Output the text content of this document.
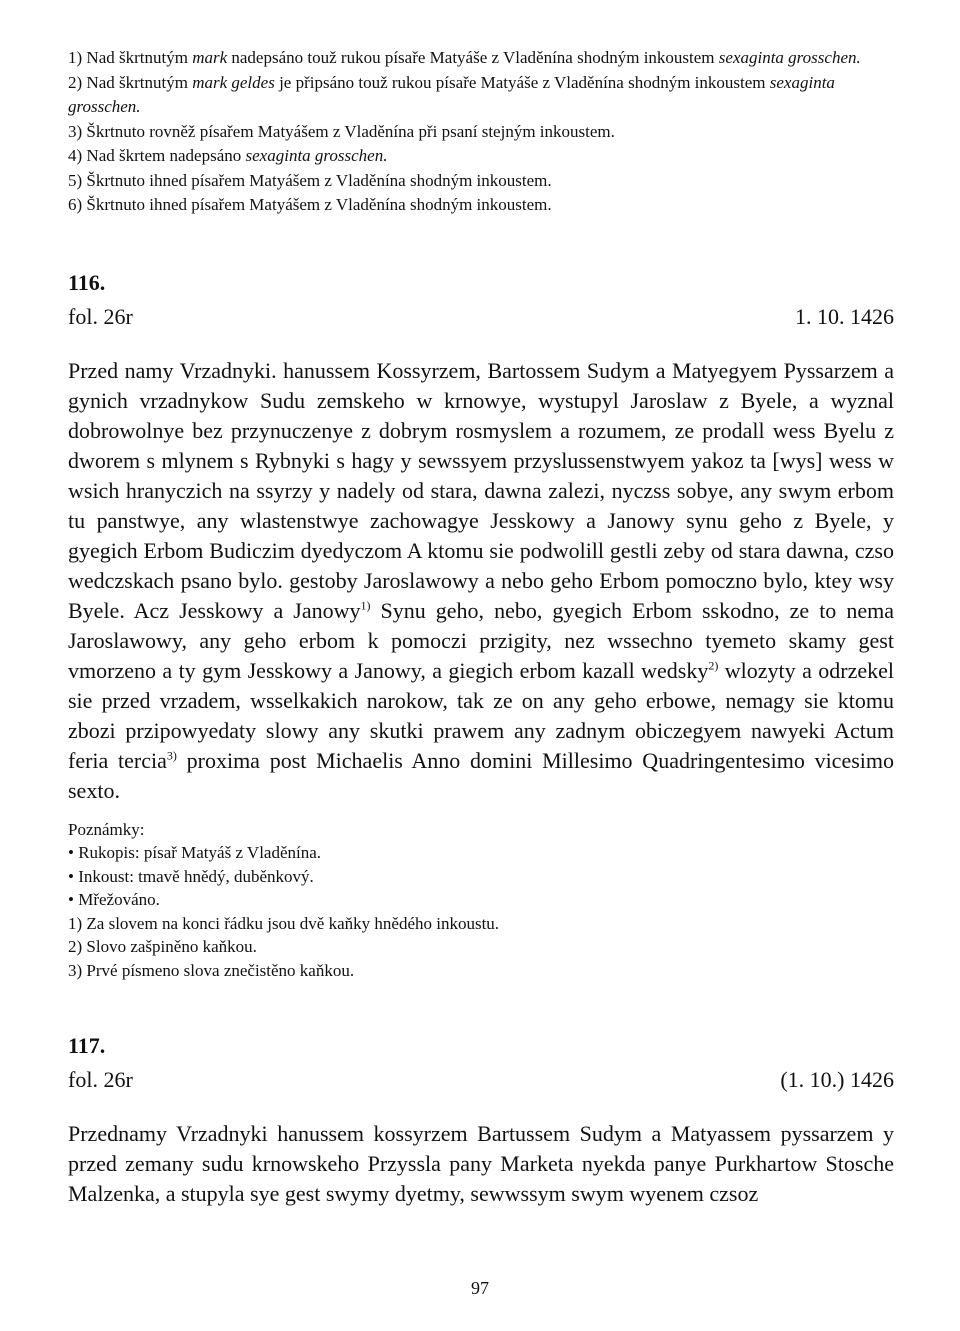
1) Nad škrtnutým mark nadepsáno touž rukou písaře Matyáše z Vladěnína shodným inkoustem sexaginta grosschen.

2) Nad škrtnutým mark geldes je připsáno touž rukou písaře Matyáše z Vladěnína shodným inkoustem sexaginta grosschen.

3) Škrtnuto rovněž písařem Matyášem z Vladěnína při psaní stejným inkoustem.

4) Nad škrtem nadepsáno sexaginta grosschen.

5) Škrtnuto ihned písařem Matyášem z Vladěnína shodným inkoustem.

6) Škrtnuto ihned písařem Matyášem z Vladěnína shodným inkoustem.

116.

fol. 26r	1. 10. 1426

Przed namy Vrzadnyki. hanussem Kossyrzem, Bartossem Sudym a Matyegyem Pyssarzem a gynich vrzadnykow Sudu zemskeho w krnowye, wystupyl Jaroslaw z Byele, a wyznal dobrowolnye bez przynuczenye z dobrym rosmyslem a rozumem, ze prodall wess Byelu z dworem s mlynem s Rybnyki s hagy y sewssyem przyslussenstwyem yakoz ta [wys] wess w wsich hranyczich na ssyrzy y nadely od stara, dawna zalezi, nyczss sobye, any swym erbom tu panstwye, any wlastenstwye zachowagye Jesskowy a Janowy synu geho z Byele, y gyegich Erbom Budiczim dyedyczom A ktomu sie podwolill gestli zeby od stara dawna, czso wedczskach psano bylo. gestoby Jaroslawowy a nebo geho Erbom pomoczno bylo, ktey wsy Byele. Acz Jesskowy a Janowy$^{1)}$ Synu geho, nebo, gyegich Erbom sskodno, ze to nema Jaroslawowy, any geho erbom k pomoczi przigity, nez wssechno tyemeto skamy gest vmorzeno a ty gym Jesskowy a Janowy, a giegich erbom kazall wedsky$^{2)}$ wlozyty a odrzekel sie przed vrzadem, wsselkakich narokow, tak ze on any geho erbowe, nemagy sie ktomu zbozi przipowyedaty slowy any skutki prawem any zadnym obiczegyem nawyeki Actum feria tercia$^{3)}$ proxima post Michaelis Anno domini Millesimo Quadringentesimo vicesimo sexto.

Poznámky:

• Rukopis: písař Matyáš z Vladěnína.

• Inkoust: tmavě hnědý, duběnkový.

• Mřežováno.

1) Za slovem na konci řádku jsou dvě kaňky hnědého inkoustu.

2) Slovo zašpiněno kaňkou.

3) Prvé písmeno slova znečistěno kaňkou.

117.

fol. 26r	(1. 10.) 1426

Przednamy Vrzadnyki hanussem kossyrzem Bartussem Sudym a Matyassem pyssarzem y przed zemany sudu krnowskeho Przyssla pany Marketa nyekda panye Purkhartow Stosche Malzenka, a stupyla sye gest swymy dyetmy, sewwssym swym wyenem czsoz

97
